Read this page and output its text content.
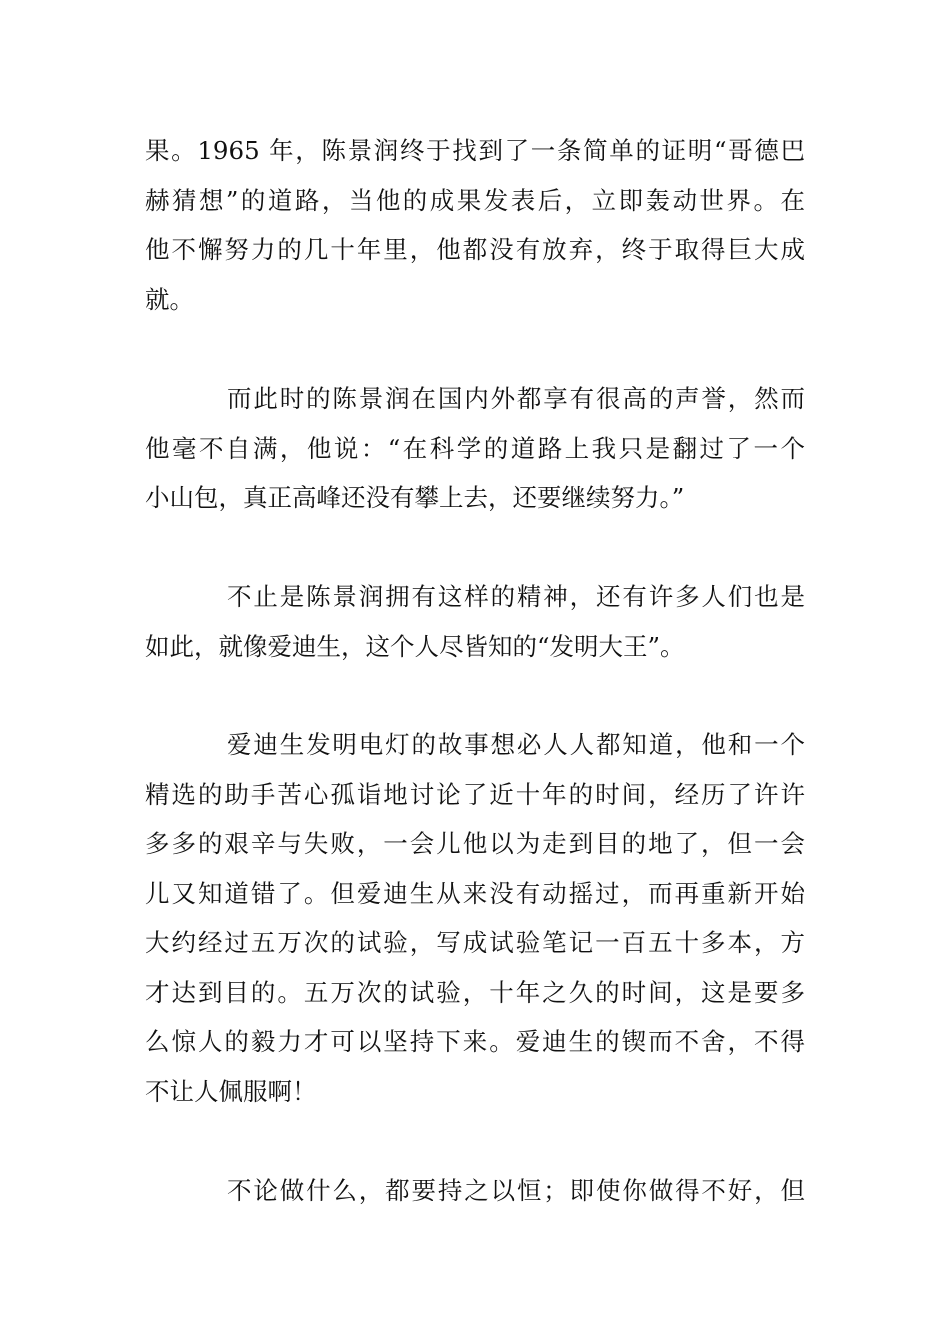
果。1965 年，陈景润终于找到了一条简单的证明“哥德巴
赫猜想”的道路，当他的成果发表后，立即轰动世界。在
他不懈努力的几十年里，他都没有放弃，终于取得巨大成
就。
而此时的陈景润在国内外都享有很高的声誉，然而
他毫不自满，他说：“在科学的道路上我只是翻过了一个
小山包，真正高峰还没有攀上去，还要继续努力。”
不止是陈景润拥有这样的精神，还有许多人们也是
如此，就像爱迪生，这个人尽皆知的“发明大王”。
爱迪生发明电灯的故事想必人人都知道，他和一个
精选的助手苦心孤诣地讨论了近十年的时间，经历了许许
多多的艰辛与失败，一会儿他以为走到目的地了，但一会
儿又知道错了。但爱迪生从来没有动摇过，而再重新开始
大约经过五万次的试验，写成试验笔记一百五十多本，方
才达到目的。五万次的试验，十年之久的时间，这是要多
么惊人的毅力才可以坚持下来。爱迪生的锲而不舍，不得
不让人佩服啊！
不论做什么，都要持之以恒；即使你做得不好，但
